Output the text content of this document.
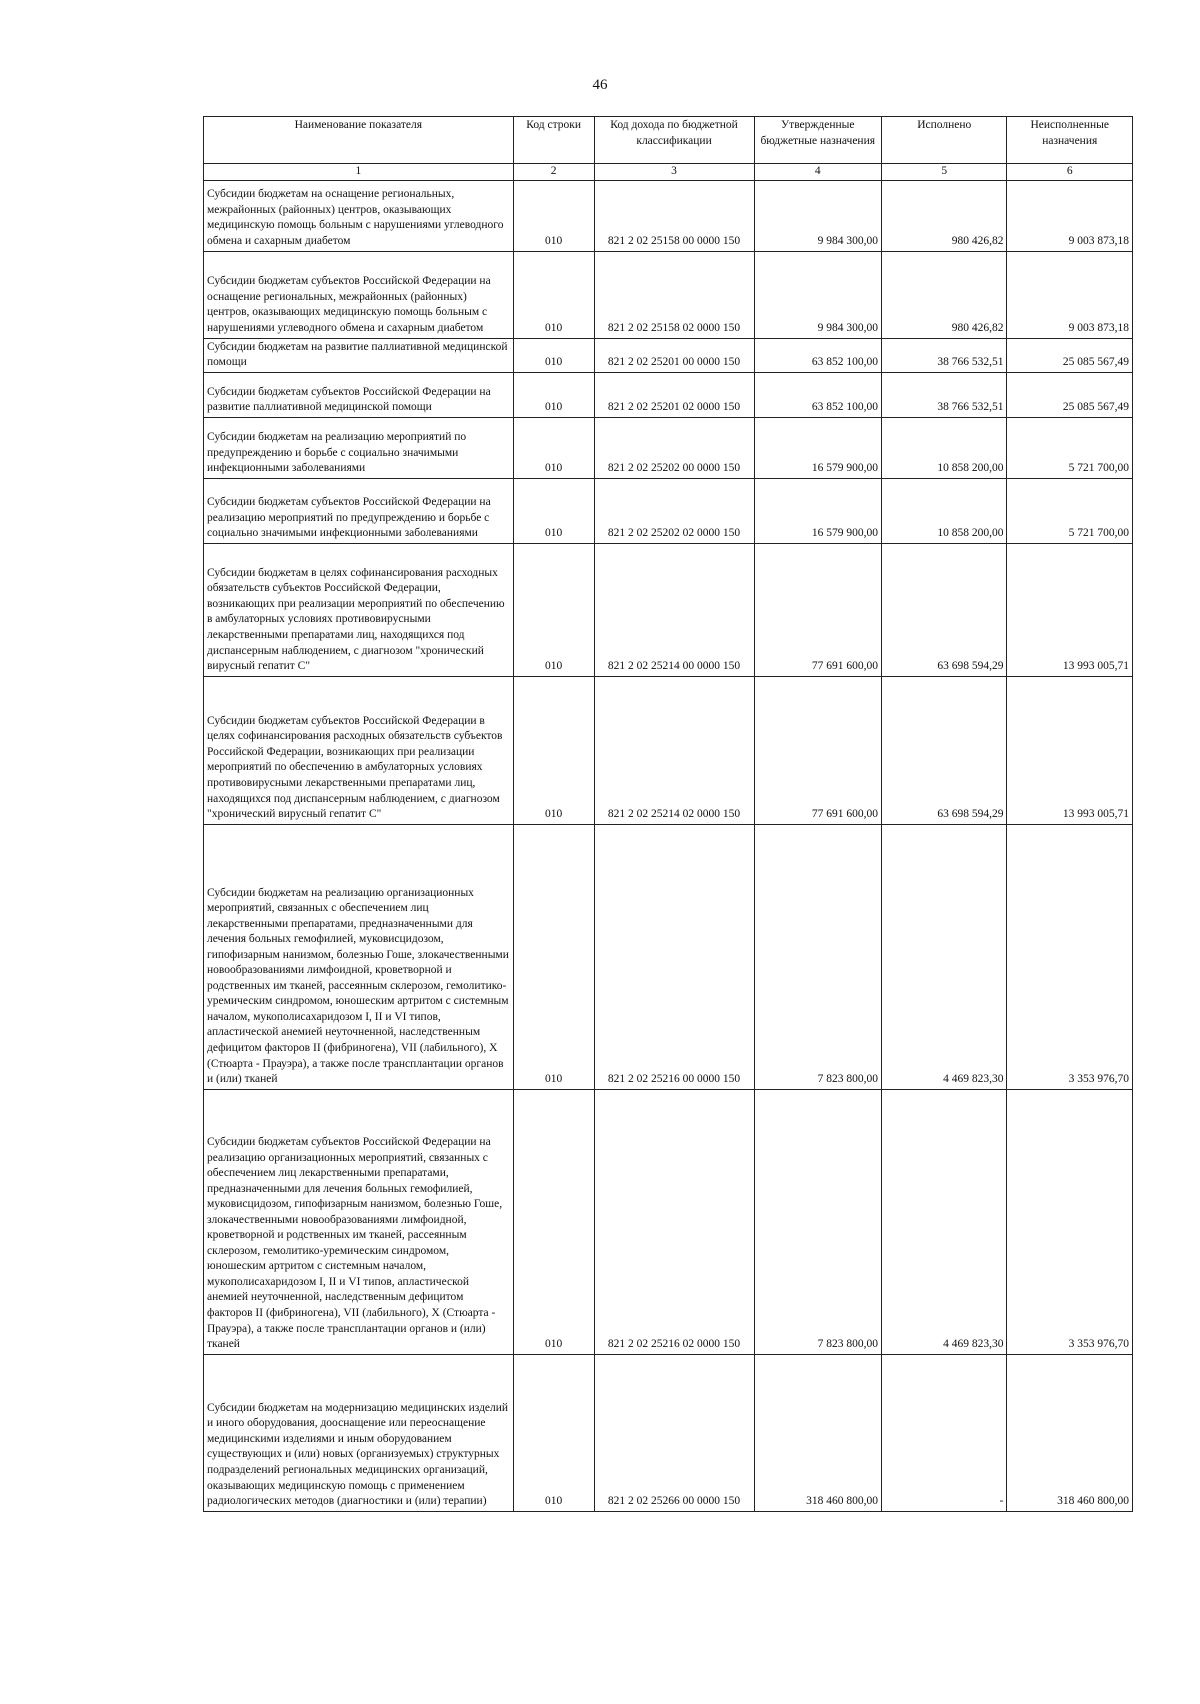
46
Наименование показателя	Код строки	Код дохода по бюджетной классификации	Утвержденные бюджетные назначения	Исполнено	Неисполненные назначения
1	2	3	4	5	6
Субсидии бюджетам на оснащение региональных, межрайонных (районных) центров, оказывающих медицинскую помощь больным с нарушениями углеводного обмена и сахарным диабетом	010	821 2 02 25158 00 0000 150	9 984 300,00	980 426,82	9 003 873,18
Субсидии бюджетам субъектов Российской Федерации на оснащение региональных, межрайонных (районных) центров, оказывающих медицинскую помощь больным с нарушениями углеводного обмена и сахарным диабетом	010	821 2 02 25158 02 0000 150	9 984 300,00	980 426,82	9 003 873,18
Субсидии бюджетам на развитие паллиативной медицинской помощи	010	821 2 02 25201 00 0000 150	63 852 100,00	38 766 532,51	25 085 567,49
Субсидии бюджетам субъектов Российской Федерации на развитие паллиативной медицинской помощи	010	821 2 02 25201 02 0000 150	63 852 100,00	38 766 532,51	25 085 567,49
Субсидии бюджетам на реализацию мероприятий по предупреждению и борьбе с социально значимыми инфекционными заболеваниями	010	821 2 02 25202 00 0000 150	16 579 900,00	10 858 200,00	5 721 700,00
Субсидии бюджетам субъектов Российской Федерации на реализацию мероприятий по предупреждению и борьбе с социально значимыми инфекционными заболеваниями	010	821 2 02 25202 02 0000 150	16 579 900,00	10 858 200,00	5 721 700,00
Субсидии бюджетам в целях софинансирования расходных обязательств субъектов Российской Федерации, возникающих при реализации мероприятий по обеспечению в амбулаторных условиях противовирусными лекарственными препаратами лиц, находящихся под диспансерным наблюдением, с диагнозом "хронический вирусный гепатит С"	010	821 2 02 25214 00 0000 150	77 691 600,00	63 698 594,29	13 993 005,71
Субсидии бюджетам субъектов Российской Федерации в целях софинансирования расходных обязательств субъектов Российской Федерации, возникающих при реализации мероприятий по обеспечению в амбулаторных условиях противовирусными лекарственными препаратами лиц, находящихся под диспансерным наблюдением, с диагнозом "хронический вирусный гепатит С"	010	821 2 02 25214 02 0000 150	77 691 600,00	63 698 594,29	13 993 005,71
Субсидии бюджетам на реализацию организационных мероприятий, связанных с обеспечением лиц лекарственными препаратами, предназначенными для лечения больных гемофилией, муковисцидозом, гипофизарным нанизмом, болезнью Гоше, злокачественными новообразованиями лимфоидной, кроветворной и родственных им тканей, рассеянным склерозом, гемолитико-уремическим синдромом, юношеским артритом с системным началом, мукополисахаридозом I, II и VI типов, апластической анемией неуточненной, наследственным дефицитом факторов II (фибриногена), VII (лабильного), X (Стюарта - Прауэра), а также после трансплантации органов и (или) тканей	010	821 2 02 25216 00 0000 150	7 823 800,00	4 469 823,30	3 353 976,70
Субсидии бюджетам субъектов Российской Федерации на реализацию организационных мероприятий, связанных с обеспечением лиц лекарственными препаратами, предназначенными для лечения больных гемофилией, муковисцидозом, гипофизарным нанизмом, болезнью Гоше, злокачественными новообразованиями лимфоидной, кроветворной и родственных им тканей, рассеянным склерозом, гемолитико-уремическим синдромом, юношеским артритом с системным началом, мукополисахаридозом I, II и VI типов, апластической анемией неуточненной, наследственным дефицитом факторов II (фибриногена), VII (лабильного), X (Стюарта - Прауэра), а также после трансплантации органов и (или) тканей	010	821 2 02 25216 02 0000 150	7 823 800,00	4 469 823,30	3 353 976,70
Субсидии бюджетам на модернизацию медицинских изделий и иного оборудования, дооснащение или переоснащение медицинскими изделиями и иным оборудованием существующих и (или) новых (организуемых) структурных подразделений региональных медицинских организаций, оказывающих медицинскую помощь с применением радиологических методов (диагностики и (или) терапии)	010	821 2 02 25266 00 0000 150	318 460 800,00	-	318 460 800,00
